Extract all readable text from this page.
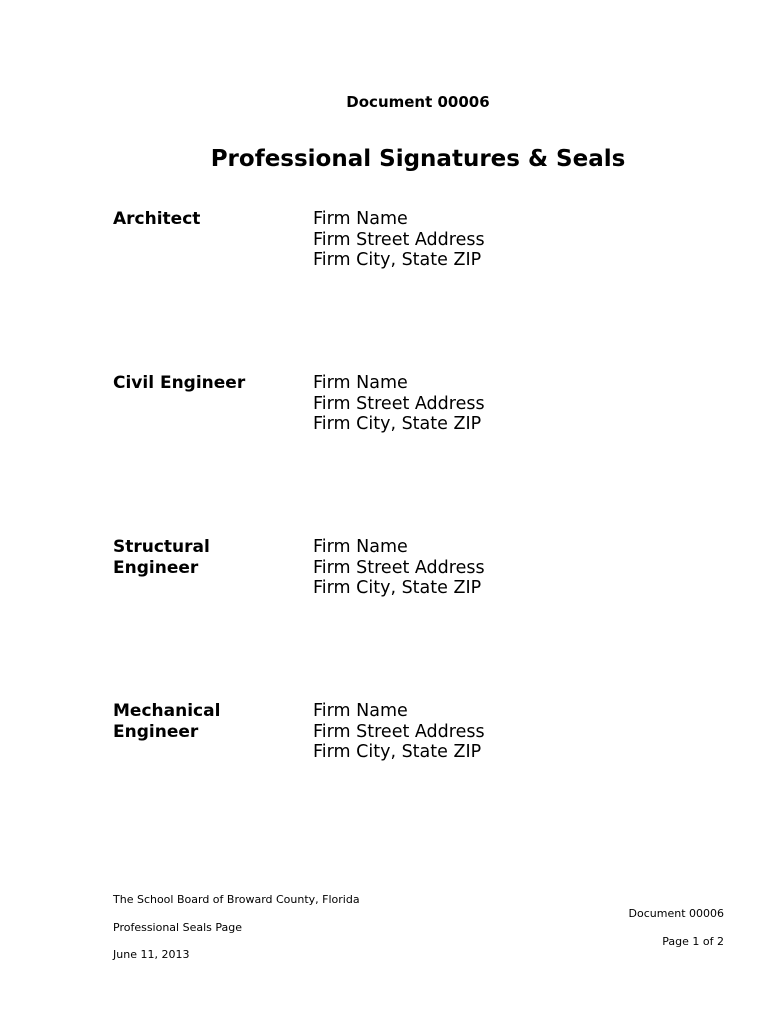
Document 00006
Professional Signatures & Seals
Architect	Firm Name
Firm Street Address
Firm City, State ZIP
Civil Engineer	Firm Name
Firm Street Address
Firm City, State ZIP
Structural
Engineer
Firm Name
Firm Street Address
Firm City, State ZIP
Mechanical
Engineer
Firm Name
Firm Street Address
Firm City, State ZIP
The School Board of Broward County, Florida
Professional Seals Page
June 11, 2013
Document 00006
Page 1 of 2
